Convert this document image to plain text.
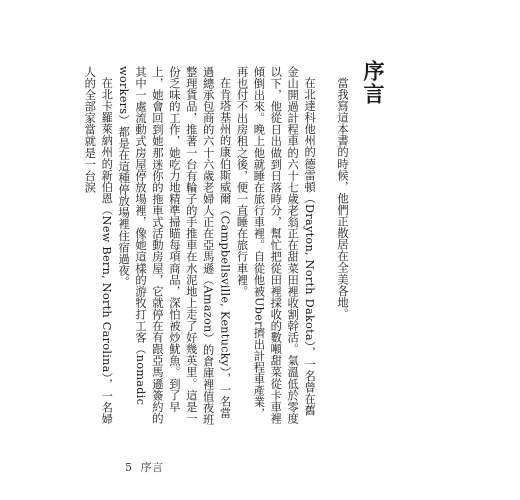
序言

當我寫這本書的時候，他們正散居在全美各地。

在北達科他州的德雷頓（Drayton, North Dakota），一名曾在舊金山開過計程車的六十七歲老翁正在甜菜田裡收割幹活。氣溫低於零度以下，他從日出做到日落時分，幫忙把從田裡採收的數噸甜菜從卡車裡傾倒出來。晚上他就睡在旅行車裡。自從他被Uber擠出計程車產業，再也付不出房租之後，便一直睡在旅行車裡。

在肯塔基州的康伯斯威爾（Campbellsville, Kentucky），一名當過總承包商的六十六歲老婦人正在亞馬遜（Amazon）的倉庫裡值夜班整理貨品，推著一台有輪子的手推車在水泥地上走了好幾英里。這是一份乏味的工作，她吃力地精準掃瞄每項商品，深怕被炒魷魚。到了早上，她會回到她那迷你的拖車式活動房屋，它就停在有跟亞馬遜簽約的其中一處流動式房屋停放場裡，像她這樣的游牧打工客（nomadic workers）都是在這種停放場裡住宿過夜。

在北卡羅萊納州的新伯恩（New Bern, North Carolina），一名婦人的全部家當就是一台淚

5 序言
